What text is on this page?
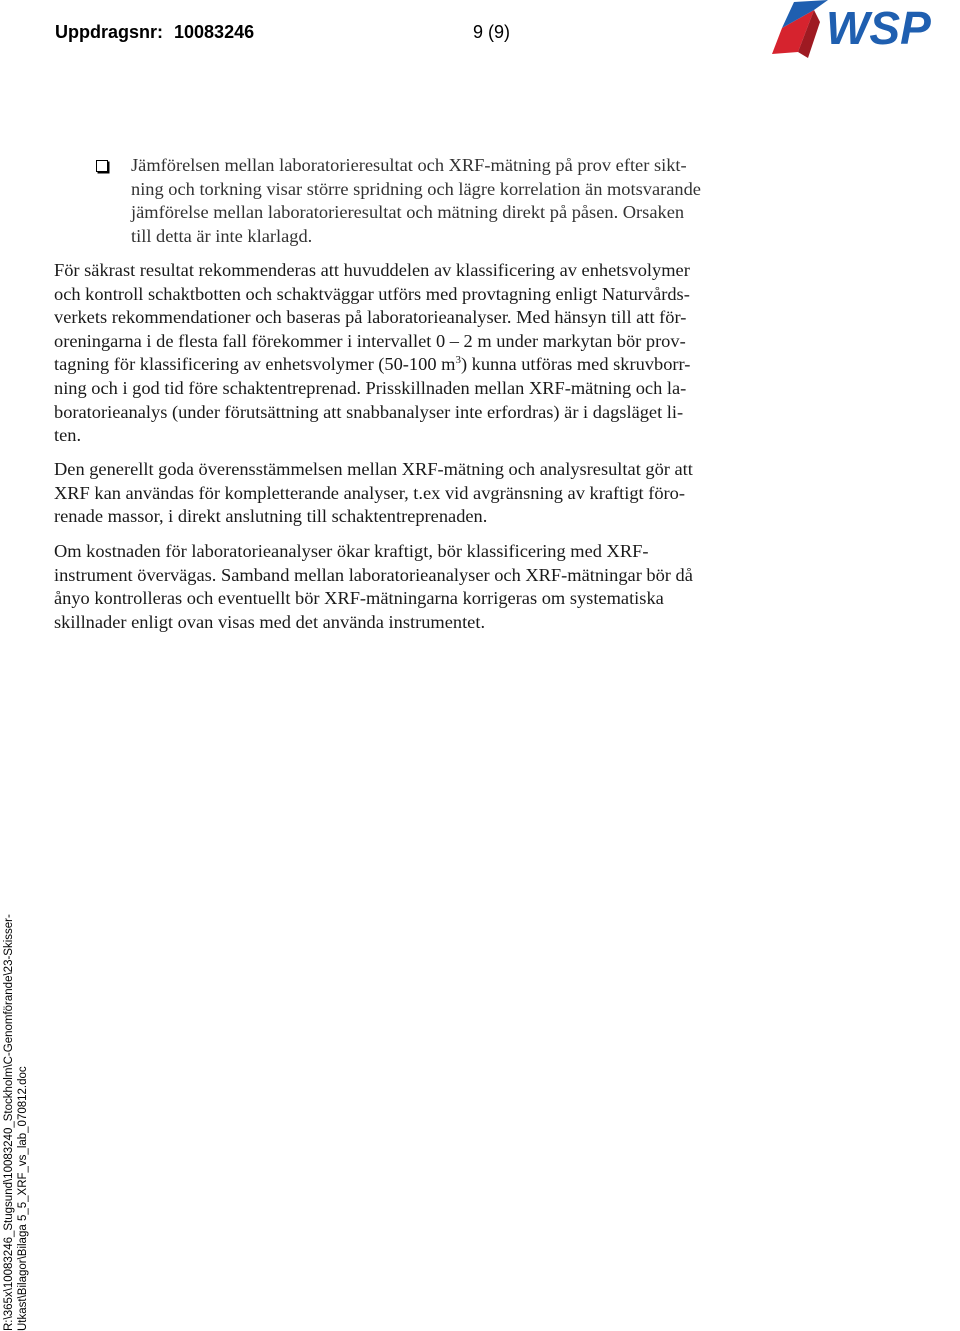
Uppdragsnr: 10083246	9 (9)	WSP
Jämförelsen mellan laboratorieresultat och XRF-mätning på prov efter sikt-
ning och torkning visar större spridning och lägre korrelation än motsvarande
jämförelse mellan laboratorieresultat och mätning direkt på påsen. Orsaken
till detta är inte klarlagd.
För säkrast resultat rekommenderas att huvuddelen av klassificering av enhetsvolymer
och kontroll schaktbotten och schaktväggar utförs med provtagning enligt Naturvårds-
verkets rekommendationer och baseras på laboratorieanalyser. Med hänsyn till att för-
oreningarna i de flesta fall förekommer i intervallet 0 – 2 m under markytan bör prov-
tagning för klassificering av enhetsvolymer (50-100 $m^3$) kunna utföras med skruvborr-
ning och i god tid före schaktentreprenad. Prisskillnaden mellan XRF-mätning och la-
boratorieanalys (under förutsättning att snabbanalyser inte erfordras) är i dagsläget li-
ten.
Den generellt goda överensstämmelsen mellan XRF-mätning och analysresultat gör att
XRF kan användas för kompletterande analyser, t.ex vid avgränsning av kraftigt föro-
renade massor, i direkt anslutning till schaktentreprenaden.
Om kostnaden för laboratorieanalyser ökar kraftigt, bör klassificering med XRF-
instrument övervägas. Samband mellan laboratorieanalyser och XRF-mätningar bör då
ånyo kontrolleras och eventuellt bör XRF-mätningarna korrigeras om systematiska
skillnader enligt ovan visas med det använda instrumentet.
R:\365x\10083246_Stugsund\10083240_Stockholm\C-Genomförande\23-Skisser- Utkast\Bilagor\Bilaga 5_5_XRF_vs_lab_070812.doc
